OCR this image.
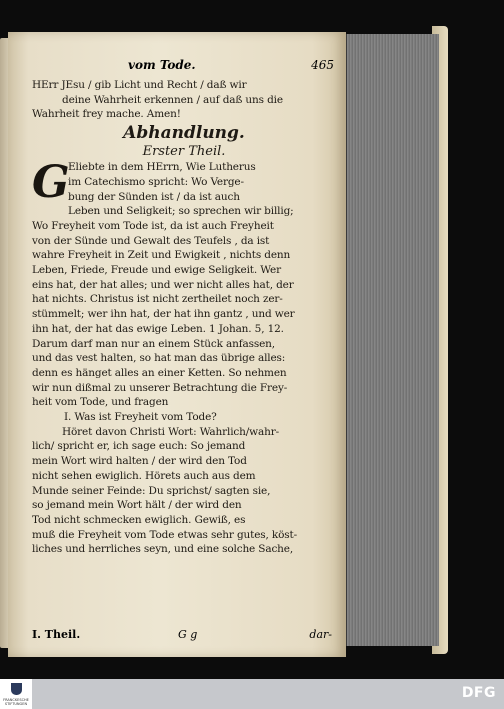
vom Tode.	465
HErr JEsu / gib Licht und Recht / daß wir
deine Wahrheit erkennen / auf daß uns die
Wahrheit frey mache. Amen!
Abhandlung.
Erster Theil.
G
Eliebte in dem HErrn, Wie Lutherus
im Catechismo spricht: Wo Verge-
bung der Sünden ist / da ist auch
Leben und Seligkeit; so sprechen wir billig;
Wo Freyheit vom Tode ist, da ist auch Freyheit
von der Sünde und Gewalt des Teufels , da ist
wahre Freyheit in Zeit und Ewigkeit , nichts denn
Leben, Friede, Freude und ewige Seligkeit. Wer
eins hat, der hat alles; und wer nicht alles hat, der
hat nichts. Christus ist nicht zertheilet noch zer-
stümmelt; wer ihn hat, der hat ihn gantz , und wer
ihn hat, der hat das ewige Leben. 1 Johan. 5, 12.
Darum darf man nur an einem Stück anfassen,
und das vest halten, so hat man das übrige alles:
denn es hänget alles an einer Ketten. So nehmen
wir nun dißmal zu unserer Betrachtung die Frey-
heit vom Tode, und fragen
I. Was ist Freyheit vom Tode?
Höret davon Christi Wort: Wahrlich/wahr-
lich/ spricht er, ich sage euch: So jemand
mein Wort wird halten / der wird den Tod
nicht sehen ewiglich. Hörets auch aus dem
Munde seiner Feinde: Du sprichst/ sagten sie,
so jemand mein Wort hält / der wird den
Tod nicht schmecken ewiglich. Gewiß, es
muß die Freyheit vom Tode etwas sehr gutes, köst-
liches und herrliches seyn, und eine solche Sache,
I. Theil.	G g	dar-
FRANCKESCHE STIFTUNGEN
DFG
